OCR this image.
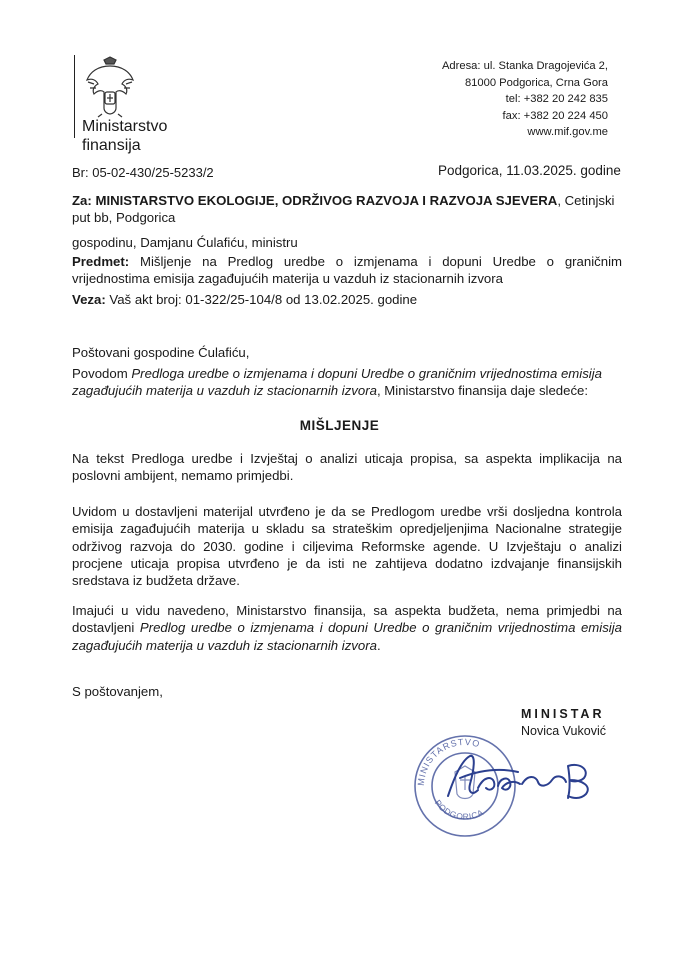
Ministarstvo
finansija
Adresa: ul. Stanka Dragojevića 2,
81000 Podgorica, Crna Gora
tel: +382 20 242 835
fax: +382 20 224 450
www.mif.gov.me
Br: 05-02-430/25-5233/2	Podgorica, 11.03.2025. godine
Za: MINISTARSTVO EKOLOGIJE, ODRŽIVOG RAZVOJA I RAZVOJA SJEVERA, Cetinjski put bb, Podgorica
gospodinu, Damjanu Ćulafiću, ministru
Predmet: Mišljenje na Predlog uredbe o izmjenama i dopuni Uredbe o graničnim vrijednostima emisija zagađujućih materija u vazduh iz stacionarnih izvora
Veza: Vaš akt broj: 01-322/25-104/8 od 13.02.2025. godine
Poštovani gospodine Ćulafiću,
Povodom Predloga uredbe o izmjenama i dopuni Uredbe o graničnim vrijednostima emisija zagađujućih materija u vazduh iz stacionarnih izvora, Ministarstvo finansija daje sledeće:
MIŠLJENJE
Na tekst Predloga uredbe i Izvještaj o analizi uticaja propisa, sa aspekta implikacija na poslovni ambijent, nemamo primjedbi.
Uvidom u dostavljeni materijal utvrđeno je da se Predlogom uredbe vrši dosljedna kontrola emisija zagađujućih materija u skladu sa strateškim opredjeljenjima Nacionalne strategije održivog razvoja do 2030. godine i ciljevima Reformske agende. U Izvještaju o analizi procjene uticaja propisa utvrđeno je da isti ne zahtijeva dodatno izdvajanje finansijskih sredstava iz budžeta države.
Imajući u vidu navedeno, Ministarstvo finansija, sa aspekta budžeta, nema primjedbi na dostavljeni Predlog uredbe o izmjenama i dopuni Uredbe o graničnim vrijednostima emisija zagađujućih materija u vazduh iz stacionarnih izvora.
S poštovanjem,
MINISTAR
Novica Vuković
MINISTARSTVO
PODGORICA
